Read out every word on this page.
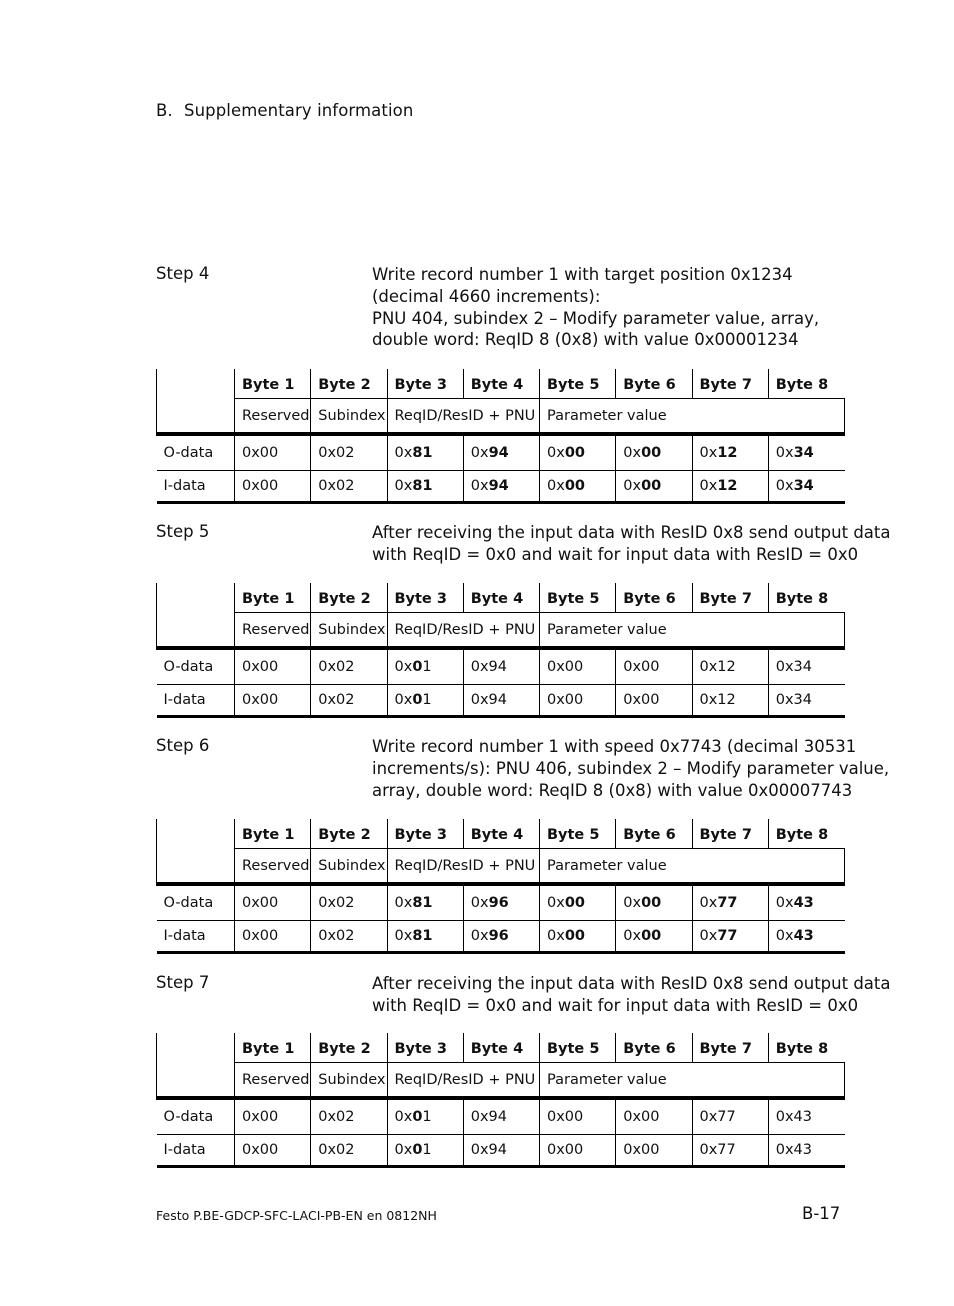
B. Supplementary information
Step 4	Write record number 1 with target position 0x1234
(decimal 4660 increments):
PNU 404, subindex 2 – Modify parameter value, array,
double word: ReqID 8 (0x8) with value 0x00001234
	Byte 1	Byte 2	Byte 3	Byte 4	Byte 5	Byte 6	Byte 7	Byte 8
	Reserved	Subindex	ReqID/ResID + PNU		Parameter value			
O-data	0x00	0x02	0x81	0x94	0x00	0x00	0x12	0x34
I-data	0x00	0x02	0x81	0x94	0x00	0x00	0x12	0x34
Step 5	After receiving the input data with ResID 0x8 send output data
with ReqID = 0x0 and wait for input data with ResID = 0x0
	Byte 1	Byte 2	Byte 3	Byte 4	Byte 5	Byte 6	Byte 7	Byte 8
	Reserved	Subindex	ReqID/ResID + PNU		Parameter value			
O-data	0x00	0x02	0x01	0x94	0x00	0x00	0x12	0x34
I-data	0x00	0x02	0x01	0x94	0x00	0x00	0x12	0x34
Step 6	Write record number 1 with speed 0x7743 (decimal 30531
increments/s): PNU 406, subindex 2 – Modify parameter value,
array, double word: ReqID 8 (0x8) with value 0x00007743
	Byte 1	Byte 2	Byte 3	Byte 4	Byte 5	Byte 6	Byte 7	Byte 8
	Reserved	Subindex	ReqID/ResID + PNU		Parameter value			
O-data	0x00	0x02	0x81	0x96	0x00	0x00	0x77	0x43
I-data	0x00	0x02	0x81	0x96	0x00	0x00	0x77	0x43
Step 7	After receiving the input data with ResID 0x8 send output data
with ReqID = 0x0 and wait for input data with ResID = 0x0
	Byte 1	Byte 2	Byte 3	Byte 4	Byte 5	Byte 6	Byte 7	Byte 8
	Reserved	Subindex	ReqID/ResID + PNU		Parameter value			
O-data	0x00	0x02	0x01	0x94	0x00	0x00	0x77	0x43
I-data	0x00	0x02	0x01	0x94	0x00	0x00	0x77	0x43
Festo P.BE-GDCP-SFC-LACI-PB-EN en 0812NH	B-17
